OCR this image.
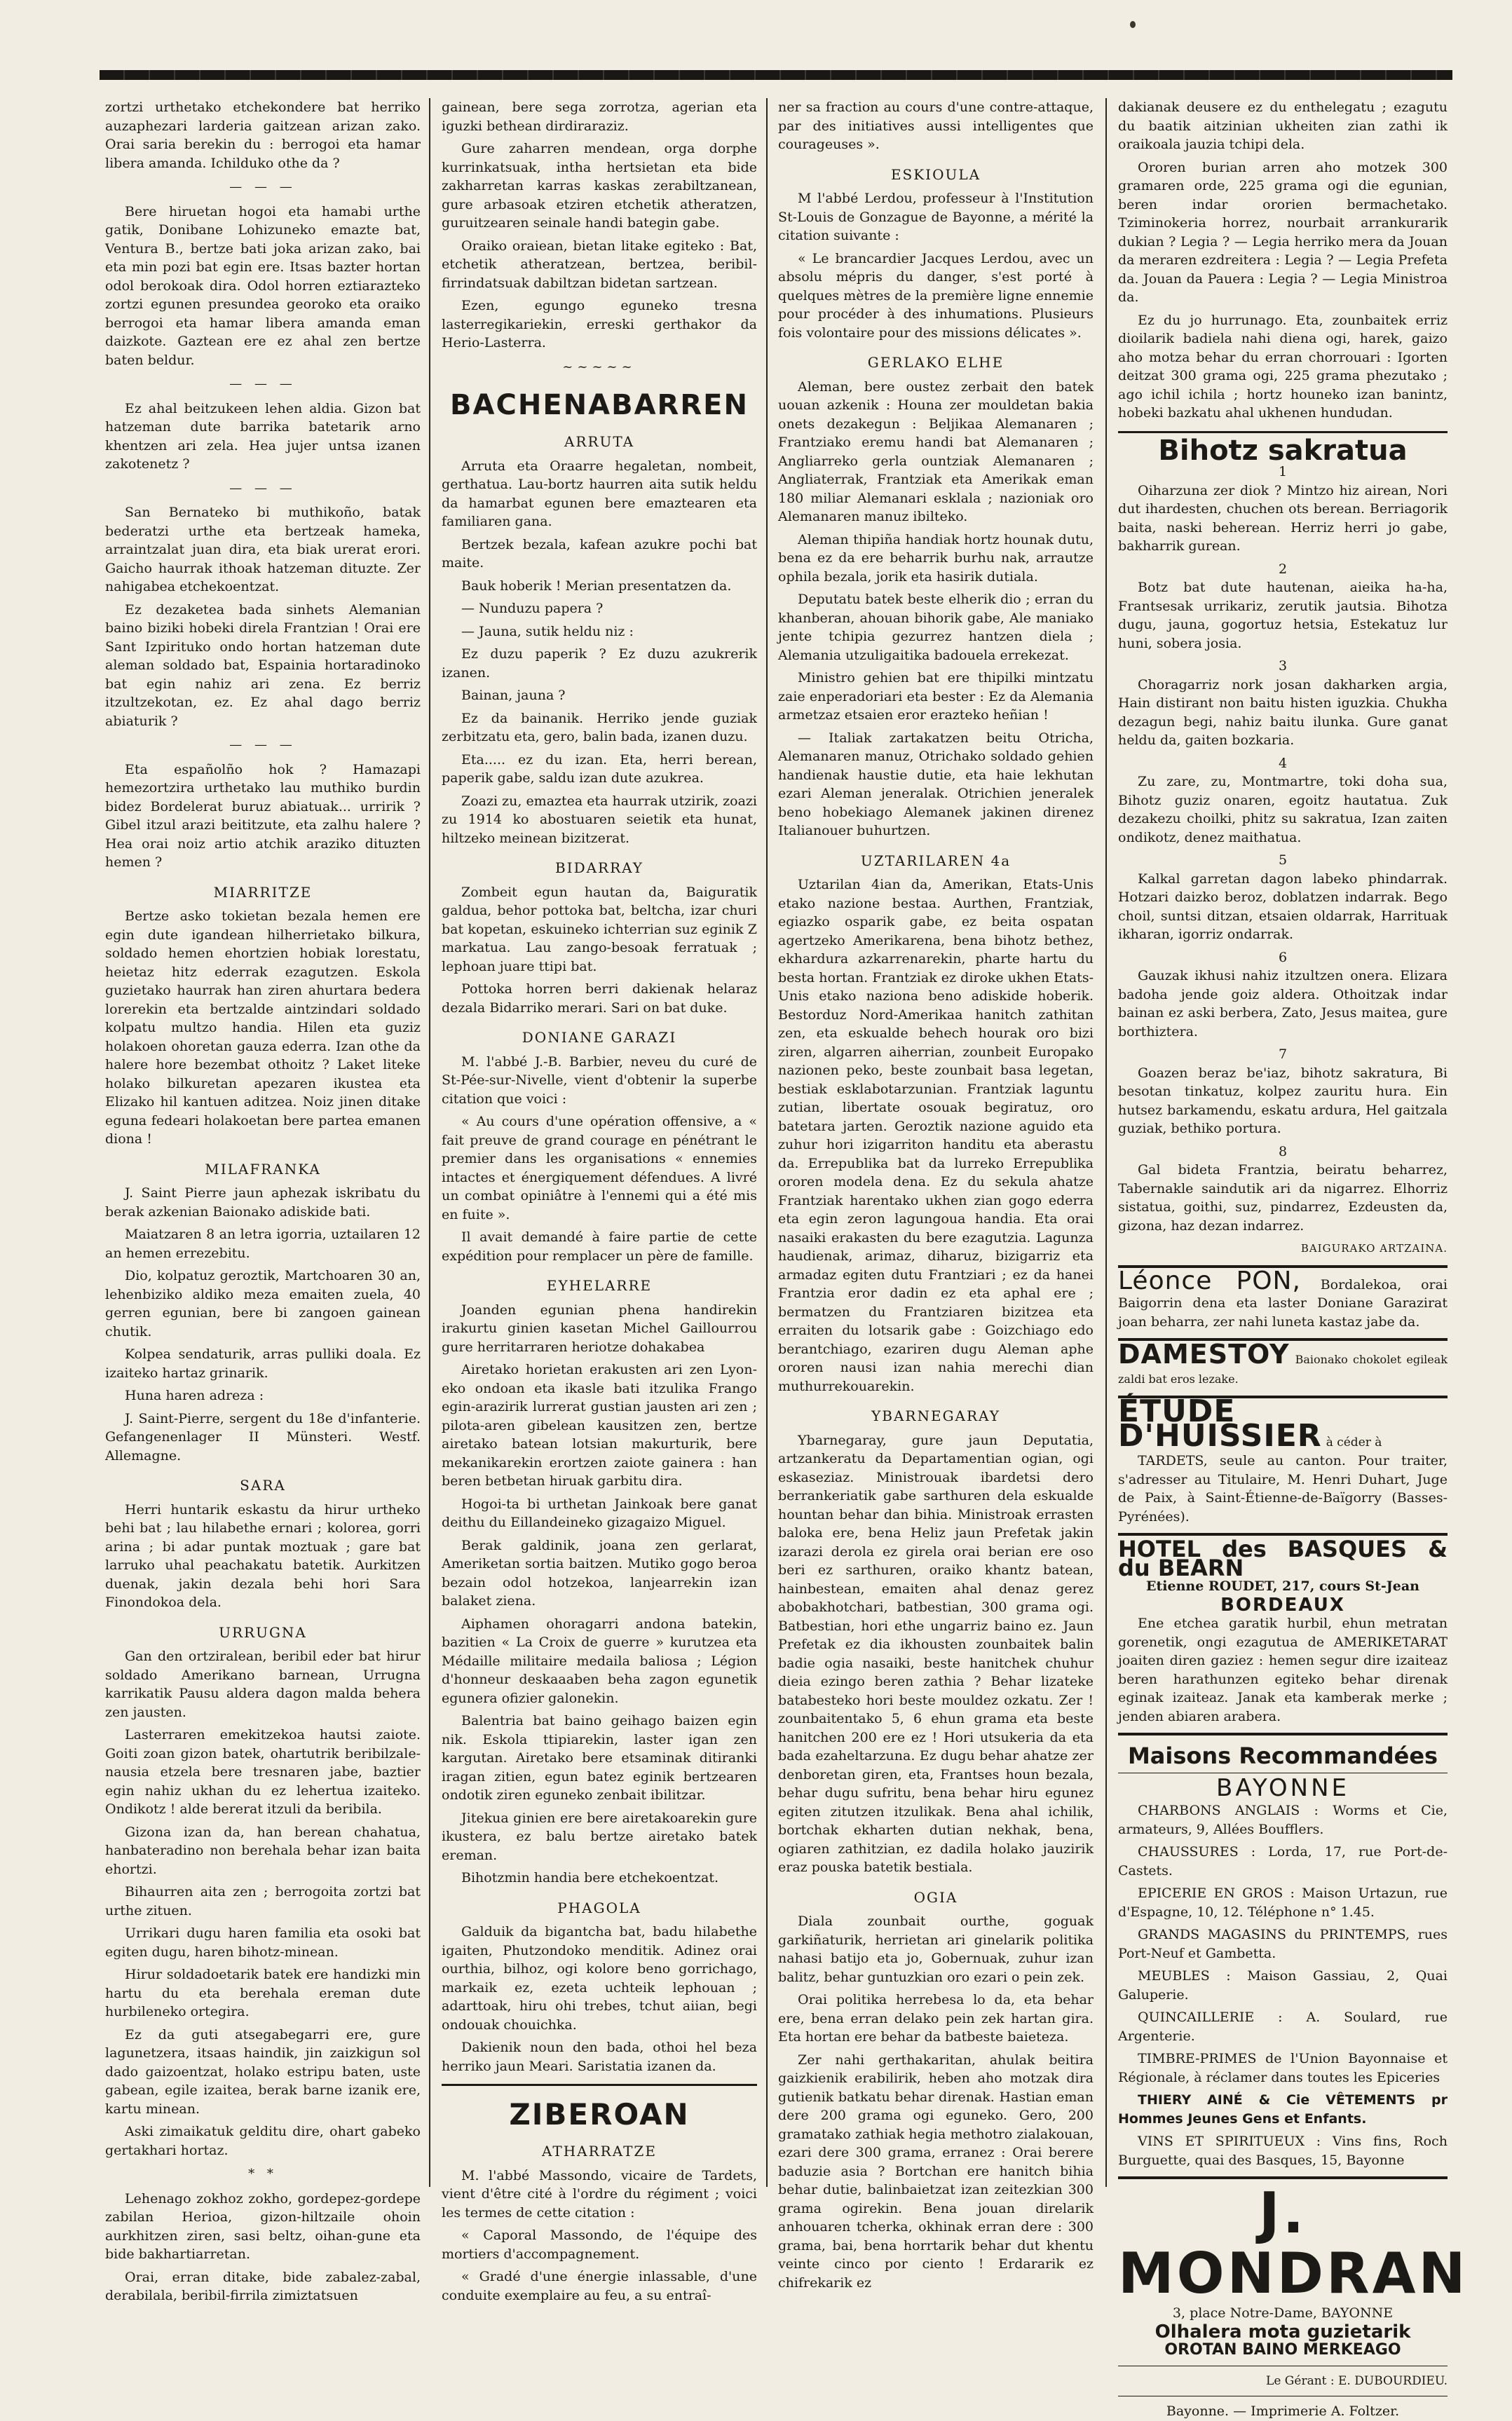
zortzi urthetako etchekondere bat herriko auzaphezari larderia gaitzean arizan zako. Orai saria berekin du : berrogoi eta hamar libera amanda. Ichilduko othe da ?

— — —

Bere hiruetan hogoi eta hamabi urthe gatik, Donibane Lohizuneko emazte bat, Ventura B., bertze bati joka arizan zako, bai eta min pozi bat egin ere. Itsas bazter hortan odol berokoak dira. Odol horren eztiarazteko zortzi egunen presundea georoko eta oraiko berrogoi eta hamar libera amanda eman daizkote. Gaztean ere ez ahal zen bertze baten beldur.

— — —

Ez ahal beitzukeen lehen aldia. Gizon bat hatzeman dute barrika batetarik arno khentzen ari zela. Hea jujer untsa izanen zakotenetz ?

— — —

San Bernateko bi muthikoño, batak bederatzi urthe eta bertzeak hameka, arraintzalat juan dira, eta biak urerat erori. Gaicho haurrak ithoak hatzeman dituzte. Zer nahigabea etchekoentzat.

Ez dezaketea bada sinhets Alemanian baino biziki hobeki direla Frantzian ! Orai ere Sant Izpirituko ondo hortan hatzeman dute aleman soldado bat, Espainia hortaradinoko bat egin nahiz ari zena. Ez berriz itzultzekotan, ez. Ez ahal dago berriz abiaturik ?

— — —

Eta españolño hok ? Hamazapi hemezortzira urthetako lau muthiko burdin bidez Bordelerat buruz abiatuak... urririk ? Gibel itzul arazi beititzute, eta zalhu halere ? Hea orai noiz artio atchik araziko dituzten hemen ?

MIARRITZE

Bertze asko tokietan bezala hemen ere egin dute igandean hilherrietako bilkura, soldado hemen ehortzien hobiak lorestatu, heietaz hitz ederrak ezagutzen. Eskola guzietako haurrak han ziren ahurtara bedera lorerekin eta bertzalde aintzindari soldado kolpatu multzo handia. Hilen eta guziz holakoen ohoretan gauza ederra. Izan othe da halere hore bezembat othoitz ? Laket liteke holako bilkuretan apezaren ikustea eta Elizako hil kantuen aditzea. Noiz jinen ditake eguna fedeari holakoetan bere partea emanen diona !

MILAFRANKA

J. Saint Pierre jaun aphezak iskribatu du berak azkenian Baionako adiskide bati.

Maiatzaren 8 an letra igorria, uztailaren 12 an hemen errezebitu.

Dio, kolpatuz geroztik, Martchoaren 30 an, lehenbiziko aldiko meza emaiten zuela, 40 gerren egunian, bere bi zangoen gainean chutik.

Kolpea sendaturik, arras pulliki doala. Ez izaiteko hartaz grinarik.

Huna haren adreza :

J. Saint-Pierre, sergent du 18e d'infanterie. Gefangenenlager II Münsteri. Westf. Allemagne.

SARA

Herri huntarik eskastu da hirur urtheko behi bat ; lau hilabethe ernari ; kolorea, gorri arina ; bi adar puntak moztuak ; gare bat larruko uhal peachakatu batetik. Aurkitzen duenak, jakin dezala behi hori Sara Finondokoa dela.

URRUGNA

Gan den ortziralean, beribil eder bat hirur soldado Amerikano barnean, Urrugna karrikatik Pausu aldera dagon malda behera zen jausten.

Lasterraren emekitzekoa hautsi zaiote. Goiti zoan gizon batek, ohartutrik beribilzale-nausia etzela bere tresnaren jabe, baztier egin nahiz ukhan du ez lehertua izaiteko. Ondikotz ! alde bererat itzuli da beribila.

Gizona izan da, han berean chahatua, hanbateradino non berehala behar izan baita ehortzi.

Bihaurren aita zen ; berrogoita zortzi bat urthe zituen.

Urrikari dugu haren familia eta osoki bat egiten dugu, haren bihotz-minean.

Hirur soldadoetarik batek ere handizki min hartu du eta berehala ereman dute hurbileneko ortegira.

Ez da guti atsegabegarri ere, gure lagunetzera, itsaas haindik, jin zaizkigun sol dado gaizoentzat, holako estripu baten, uste gabean, egile izaitea, berak barne izanik ere, kartu minean.

Aski zimaikatuk gelditu dire, ohart gabeko gertakhari hortaz.

* *

Lehenago zokhoz zokho, gordepez-gordepe zabilan Herioa, gizon-hiltzaile ohoin aurkhitzen ziren, sasi beltz, oihan-gune eta bide bakhartiarretan.

Orai, erran ditake, bide zabalez-zabal, derabilala, beribil-firrila zimiztatsuen

gainean, bere sega zorrotza, agerian eta iguzki bethean dirdiraraziz.

Gure zaharren mendean, orga dorphe kurrinkatsuak, intha hertsietan eta bide zakharretan karras kaskas zerabiltzanean, gure arbasoak etziren etchetik atheratzen, guruitzearen seinale handi bategin gabe.

Oraiko oraiean, bietan litake egiteko : Bat, etchetik atheratzean, bertzea, beribil-firrindatsuak dabiltzan bidetan sartzean.

Ezen, egungo eguneko tresna lasterregikariekin, erreski gerthakor da Herio-Lasterra.

~~~~~
BACHENABARREN
ARRUTA

Arruta eta Oraarre hegaletan, nombeit, gerthatua. Lau-bortz haurren aita sutik heldu da hamarbat egunen bere emaztearen eta familiaren gana.

Bertzek bezala, kafean azukre pochi bat maite.

Bauk hoberik ! Merian presentatzen da.

— Nunduzu papera ?

— Jauna, sutik heldu niz :

Ez duzu paperik ? Ez duzu azukrerik izanen.

Bainan, jauna ?

Ez da bainanik. Herriko jende guziak zerbitzatu eta, gero, balin bada, izanen duzu.

Eta..... ez du izan. Eta, herri berean, paperik gabe, saldu izan dute azukrea.

Zoazi zu, emaztea eta haurrak utzirik, zoazi zu 1914 ko abostuaren seietik eta hunat, hiltzeko meinean bizitzerat.

BIDARRAY

Zombeit egun hautan da, Baiguratik galdua, behor pottoka bat, beltcha, izar churi bat kopetan, eskuineko ichterrian suz eginik Z markatua. Lau zango-besoak ferratuak ; lephoan juare ttipi bat.

Pottoka horren berri dakienak helaraz dezala Bidarriko merari. Sari on bat duke.

DONIANE GARAZI

M. l'abbé J.-B. Barbier, neveu du curé de St-Pée-sur-Nivelle, vient d'obtenir la superbe citation que voici :

« Au cours d'une opération offensive, a « fait preuve de grand courage en pénétrant le premier dans les organisations « ennemies intactes et énergiquement défendues. A livré un combat opiniâtre à l'ennemi qui a été mis en fuite ».

Il avait demandé à faire partie de cette expédition pour remplacer un père de famille.

EYHELARRE

Joanden egunian phena handirekin irakurtu ginien kasetan Michel Gaillourrou gure herritarraren heriotze dohakabea

Airetako horietan erakusten ari zen Lyon-eko ondoan eta ikasle bati itzulika Frango egin-arazirik lurrerat gustian jausten ari zen ; pilota-aren gibelean kausitzen zen, bertze airetako batean lotsian makurturik, bere mekanikarekin erortzen zaiote gainera : han beren betbetan hiruak garbitu dira.

Hogoi-ta bi urthetan Jainkoak bere ganat deithu du Eillandeineko gizagaizo Miguel.

Berak galdinik, joana zen gerlarat, Ameriketan sortia baitzen. Mutiko gogo beroa bezain odol hotzekoa, lanjearrekin izan balaket ziena.

Aiphamen ohoragarri andona batekin, bazitien « La Croix de guerre » kurutzea eta Médaille militaire medaila baliosa ; Légion d'honneur deskaaaben beha zagon egunetik egunera ofizier galonekin.

Balentria bat baino geihago baizen egin nik. Eskola ttipiarekin, laster igan zen kargutan. Airetako bere etsaminak ditiranki iragan zitien, egun batez eginik bertzearen ondotik ziren eguneko zenbait ibilitzar.

Jitekua ginien ere bere airetakoarekin gure ikustera, ez balu bertze airetako batek ereman.

Bihotzmin handia bere etchekoentzat.

PHAGOLA

Galduik da bigantcha bat, badu hilabethe igaiten, Phutzondoko menditik. Adinez orai ourthia, bilhoz, ogi kolore beno gorrichago, markaik ez, ezeta uchteik lephouan ; adarttoak, hiru ohi trebes, tchut aiian, begi ondouak chouichka.

Dakienik noun den bada, othoi hel beza herriko jaun Meari. Saristatia izanen da.

ZIBEROAN
ATHARRATZE

M. l'abbé Massondo, vicaire de Tardets, vient d'être cité à l'ordre du régiment ; voici les termes de cette citation :

« Caporal Massondo, de l'équipe des mortiers d'accompagnement.

« Gradé d'une énergie inlassable, d'une conduite exemplaire au feu, a su entraî-

ner sa fraction au cours d'une contre-attaque, par des initiatives aussi intelligentes que courageuses ».

ESKIOULA

M l'abbé Lerdou, professeur à l'Institution St-Louis de Gonzague de Bayonne, a mérité la citation suivante :

« Le brancardier Jacques Lerdou, avec un absolu mépris du danger, s'est porté à quelques mètres de la première ligne ennemie pour procéder à des inhumations. Plusieurs fois volontaire pour des missions délicates ».

GERLAKO ELHE

Aleman, bere oustez zerbait den batek uouan azkenik : Houna zer mouldetan bakia onets dezakegun : Beljikaa Alemanaren ; Frantziako eremu handi bat Alemanaren ; Angliarreko gerla ountziak Alemanaren ; Angliaterrak, Frantziak eta Amerikak eman 180 miliar Alemanari esklala ; nazioniak oro Alemanaren manuz ibilteko.

Aleman thipiña handiak hortz hounak dutu, bena ez da ere beharrik burhu nak, arrautze ophila bezala, jorik eta hasirik dutiala.

Deputatu batek beste elherik dio ; erran du khanberan, ahouan bihorik gabe, Ale maniako jente tchipia gezurrez hantzen diela ; Alemania utzuligaitika badouela errekezat.

Ministro gehien bat ere thipilki mintzatu zaie enperadoriari eta bester : Ez da Alemania armetzaz etsaien eror erazteko heñian !

— Italiak zartakatzen beitu Otricha, Alemanaren manuz, Otrichako soldado gehien handienak haustie dutie, eta haie lekhutan ezari Aleman jeneralak. Otrichien jeneralek beno hobekiago Alemanek jakinen direnez Italianouer buhurtzen.

UZTARILAREN 4a

Uztarilan 4ian da, Amerikan, Etats-Unis etako nazione bestaa. Aurthen, Frantziak, egiazko osparik gabe, ez beita ospatan agertzeko Amerikarena, bena bihotz bethez, ekhardura azkarrenarekin, pharte hartu du besta hortan. Frantziak ez diroke ukhen Etats-Unis etako naziona beno adiskide hoberik. Bestorduz Nord-Amerikaa hanitch zathitan zen, eta eskualde behech hourak oro bizi ziren, algarren aiherrian, zounbeit Europako nazionen peko, beste zounbait basa legetan, bestiak esklabotarzunian. Frantziak laguntu zutian, libertate osouak begiratuz, oro batetara jarten. Geroztik nazione aguido eta zuhur hori izigarriton handitu eta aberastu da. Errepublika bat da lurreko Errepublika ororen modela dena. Ez du sekula ahatze Frantziak harentako ukhen zian gogo ederra eta egin zeron lagungoua handia. Eta orai nasaiki erakasten du bere ezagutzia. Lagunza haudienak, arimaz, diharuz, bizigarriz eta armadaz egiten dutu Frantziari ; ez da hanei Frantzia eror dadin ez eta aphal ere ; bermatzen du Frantziaren bizitzea eta erraiten du lotsarik gabe : Goizchiago edo berantchiago, ezariren dugu Aleman aphe ororen nausi izan nahia merechi dian muthurrekouarekin.

YBARNEGARAY

Ybarnegaray, gure jaun Deputatia, artzankeratu da Departamentian ogian, ogi eskaseziaz. Ministrouak ibardetsi dero berrankeriatik gabe sarthuren dela eskualde hountan behar dan bihia. Ministroak errasten baloka ere, bena Heliz jaun Prefetak jakin izarazi derola ez girela orai berian ere oso beri ez sarthuren, oraiko khantz batean, hainbestean, emaiten ahal denaz gerez abobakhotchari, batbestian, 300 grama ogi. Batbestian, hori ethe ungarriz baino ez. Jaun Prefetak ez dia ikhousten zounbaitek balin badie ogia nasaiki, beste hanitchek chuhur dieia ezingo beren zathia ? Behar lizateke batabesteko hori beste mouldez ozkatu. Zer ! zounbaitentako 5, 6 ehun grama eta beste hanitchen 200 ere ez ! Hori utsukeria da eta bada ezaheltarzuna. Ez dugu behar ahatze zer denboretan giren, eta, Frantses houn bezala, behar dugu sufritu, bena behar hiru egunez egiten zitutzen itzulikak. Bena ahal ichilik, bortchak ekharten dutian nekhak, bena, ogiaren zathitzian, ez dadila holako jauzirik eraz pouska batetik bestiala.

OGIA

Diala zounbait ourthe, goguak garkiñaturik, herrietan ari ginelarik politika nahasi batijo eta jo, Gobernuak, zuhur izan balitz, behar guntuzkian oro ezari o pein zek.

Orai politika herrebesa lo da, eta behar ere, bena erran delako pein zek hartan gira. Eta hortan ere behar da batbeste baieteza.

Zer nahi gerthakaritan, ahulak beitira gaizkienik erabilirik, heben aho motzak dira gutienik batkatu behar direnak. Hastian eman dere 200 grama ogi eguneko. Gero, 200 gramatako zathiak hegia methotro zialakouan, ezari dere 300 grama, erranez : Orai berere baduzie asia ? Bortchan ere hanitch bihia behar dutie, balinbaietzat izan zeitezkian 300 grama ogirekin. Bena jouan direlarik anhouaren tcherka, okhinak erran dere : 300 grama, bai, bena horrtarik behar dut khentu veinte cinco por ciento ! Erdararik ez chifrekarik ez

dakianak deusere ez du enthelegatu ; ezagutu du baatik aitzinian ukheiten zian zathi ik oraikoala jauzia tchipi dela.

Ororen burian arren aho motzek 300 gramaren orde, 225 grama ogi die egunian, beren indar ororien bermachetako. Tziminokeria horrez, nourbait arrankurarik dukian ? Legia ? — Legia herriko mera da Jouan da meraren ezdreitera : Legia ? — Legia Prefeta da. Jouan da Pauera : Legia ? — Legia Ministroa da.

Ez du jo hurrunago. Eta, zounbaitek erriz dioilarik badiela nahi diena ogi, harek, gaizo aho motza behar du erran chorrouari : Igorten deitzat 300 grama ogi, 225 grama phezutako ; ago ichil ichila ; hortz houneko izan banintz, hobeki bazkatu ahal ukhenen hundudan.

Bihotz sakratua
1

Oiharzuna zer diok ? Mintzo hiz airean, Nori dut ihardesten, chuchen ots berean. Berriagorik baita, naski beherean. Herriz herri jo gabe, bakharrik gurean.

2

Botz bat dute hautenan, aieika ha-ha, Frantsesak urrikariz, zerutik jautsia. Bihotza dugu, jauna, gogortuz hetsia, Estekatuz lur huni, sobera josia.

3

Choragarriz nork josan dakharken argia, Hain distirant non baitu histen iguzkia. Chukha dezagun begi, nahiz baitu ilunka. Gure ganat heldu da, gaiten bozkaria.

4

Zu zare, zu, Montmartre, toki doha sua, Bihotz guziz onaren, egoitz hautatua. Zuk dezakezu choilki, phitz su sakratua, Izan zaiten ondikotz, denez maithatua.

5

Kalkal garretan dagon labeko phindarrak. Hotzari daizko beroz, doblatzen indarrak. Bego choil, suntsi ditzan, etsaien oldarrak, Harrituak ikharan, igorriz ondarrak.

6

Gauzak ikhusi nahiz itzultzen onera. Elizara badoha jende goiz aldera. Othoitzak indar bainan ez aski berbera, Zato, Jesus maitea, gure borthiztera.

7

Goazen beraz be'iaz, bihotz sakratura, Bi besotan tinkatuz, kolpez zauritu hura. Ein hutsez barkamendu, eskatu ardura, Hel gaitzala guziak, bethiko portura.

8

Gal bideta Frantzia, beiratu beharrez, Tabernakle saindutik ari da nigarrez. Elhorriz sistatua, goithi, suz, pindarrez, Ezdeusten da, gizona, haz dezan indarrez.

BAIGURAKO ARTZAINA.
Léonce PON, Bordalekoa, orai Baigorrin dena eta laster Doniane Garazirat joan beharra, zer nahi luneta kastaz jabe da.
DAMESTOY Baionako chokolet egileak zaldi bat eros lezake.
ÉTUDE D'HUISSIER à céder à

TARDETS, seule au canton. Pour traiter, s'adresser au Titulaire, M. Henri Duhart, Juge de Paix, à Saint-Étienne-de-Baïgorry (Basses-Pyrénées).

HOTEL des BASQUES & du BEARN
Etienne ROUDET, 217, cours St-Jean
BORDEAUX

Ene etchea garatik hurbil, ehun metratan gorenetik, ongi ezagutua de AMERIKETARAT joaiten diren gaziez : hemen segur dire izaiteaz beren harathunzen egiteko behar direnak eginak izaiteaz. Janak eta kamberak merke ; jenden abiaren arabera.

Maisons Recommandées
BAYONNE

CHARBONS ANGLAIS : Worms et Cie, armateurs, 9, Allées Boufflers.

CHAUSSURES : Lorda, 17, rue Port-de-Castets.

EPICERIE EN GROS : Maison Urtazun, rue d'Espagne, 10, 12. Téléphone n° 1.45.

GRANDS MAGASINS du PRINTEMPS, rues Port-Neuf et Gambetta.

MEUBLES : Maison Gassiau, 2, Quai Galuperie.

QUINCAILLERIE : A. Soulard, rue Argenterie.

TIMBRE-PRIMES de l'Union Bayonnaise et Régionale, à réclamer dans toutes les Epiceries

THIERY AINÉ & Cie VÊTEMENTS pr Hommes Jeunes Gens et Enfants.

VINS ET SPIRITUEUX : Vins fins, Roch Burguette, quai des Basques, 15, Bayonne

J. MONDRAN
3, place Notre-Dame, BAYONNE
Olhalera mota guzietarik
OROTAN BAINO MERKEAGO
Le Gérant : E. DUBOURDIEU.
Bayonne. — Imprimerie A. Foltzer.
